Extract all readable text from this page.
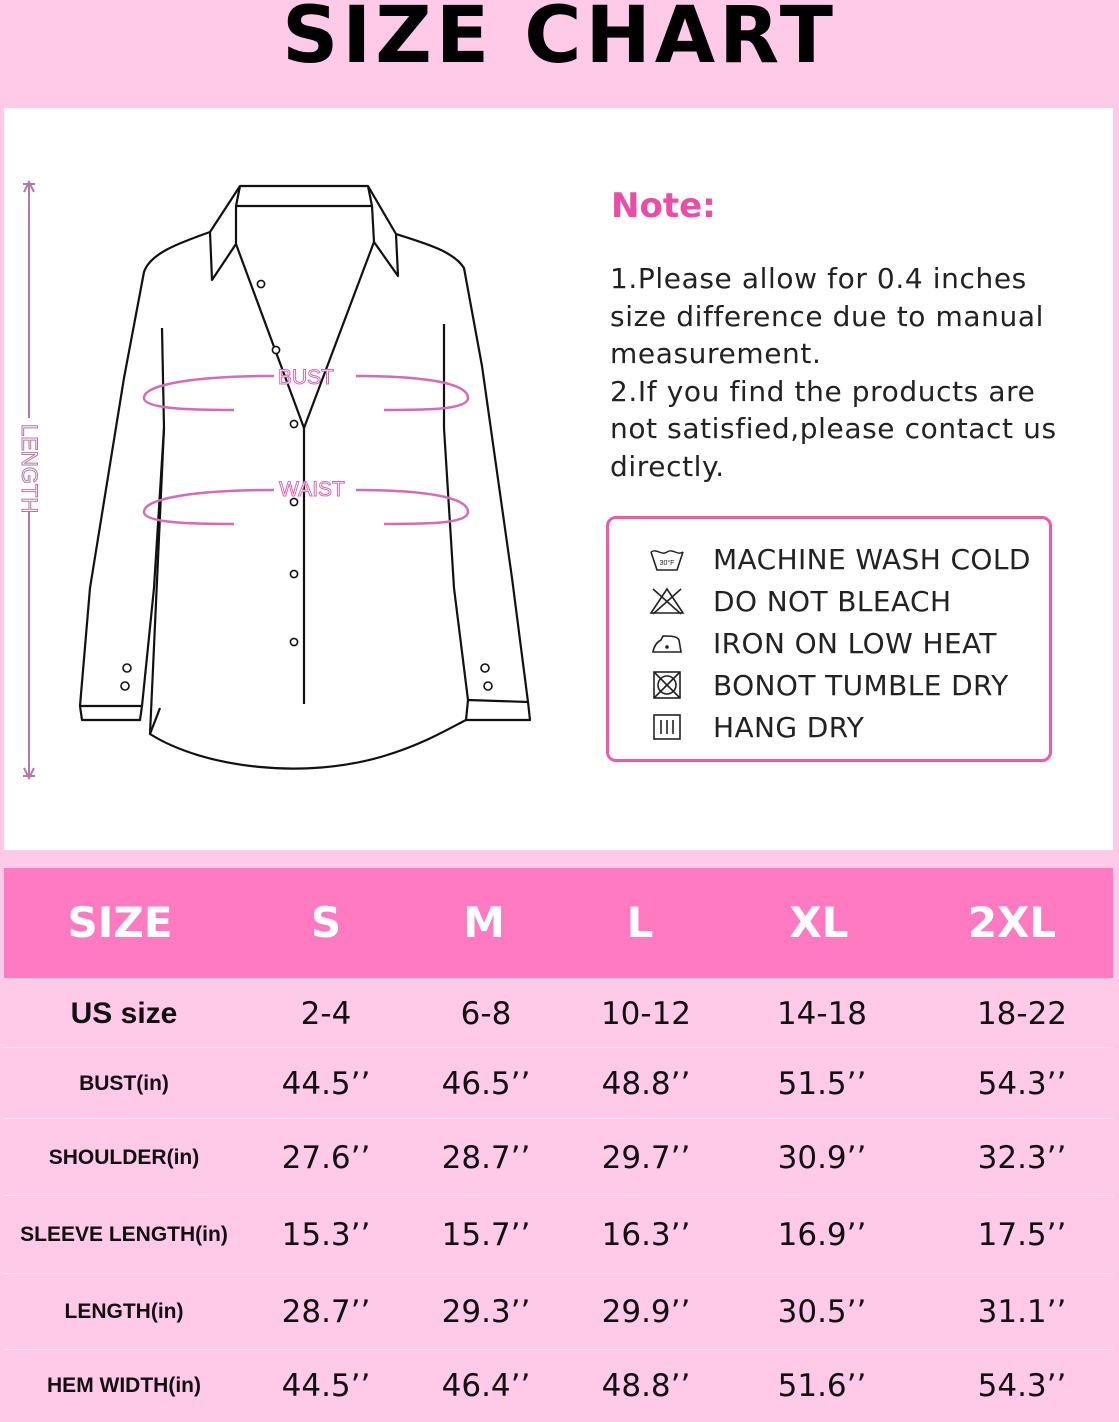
SIZE CHART
LENGTH
BUST
WAIST
Note:

1.Please allow for 0.4 inches size difference due to manual measurement.

2.If you find the products are not satisfied,please contact us directly.

30°F MACHINE WASH COLD
DO NOT BLEACH
IRON ON LOW HEAT
BONOT TUMBLE DRY
HANG DRY
SIZE	S	M	L	XL	2XL
US size	2-4	6-8	10-12	14-18	18-22
BUST(in)	44.5’’	46.5’’	48.8’’	51.5’’	54.3’’
SHOULDER(in)	27.6’’	28.7’’	29.7’’	30.9’’	32.3’’
SLEEVE LENGTH(in)	15.3’’	15.7’’	16.3’’	16.9’’	17.5’’
LENGTH(in)	28.7’’	29.3’’	29.9’’	30.5’’	31.1’’
HEM WIDTH(in)	44.5’’	46.4’’	48.8’’	51.6’’	54.3’’
